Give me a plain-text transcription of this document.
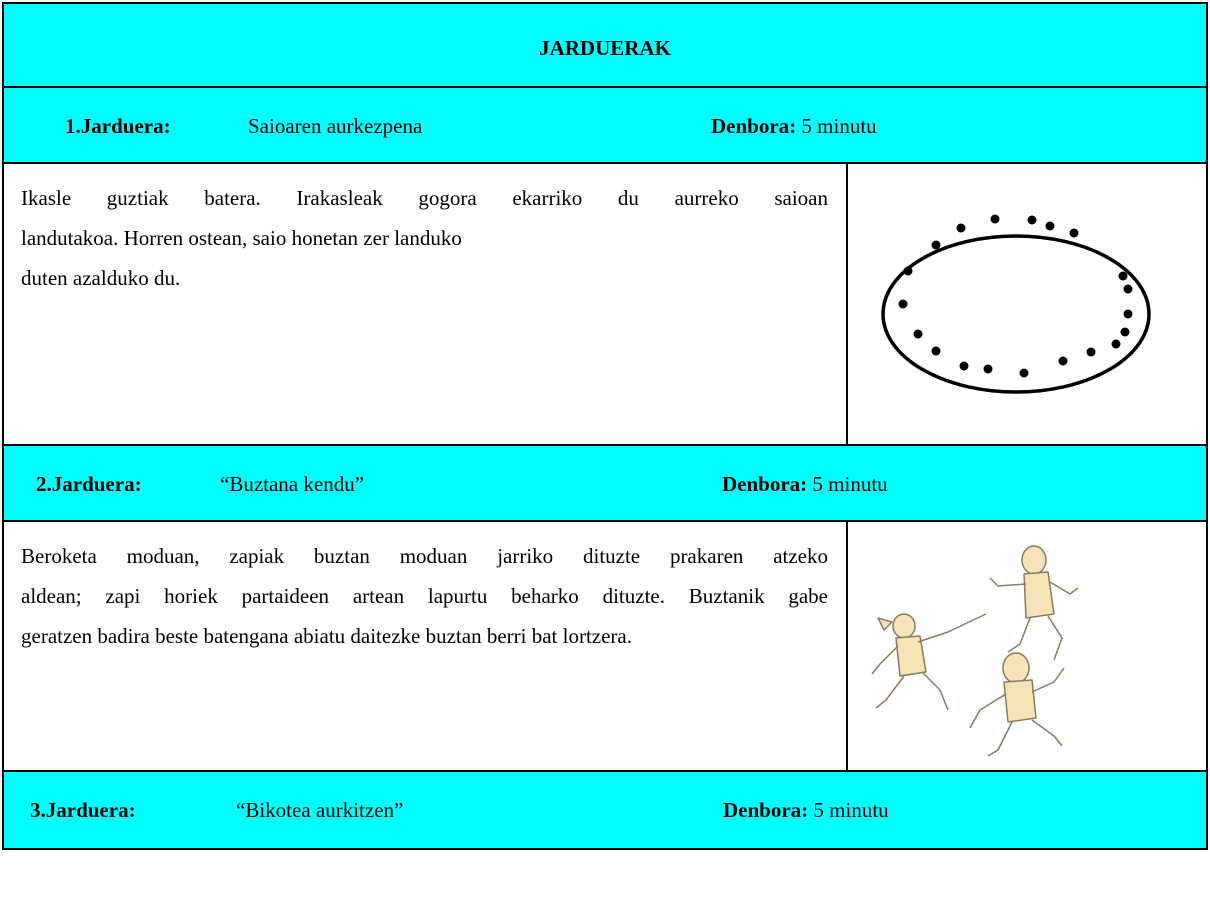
JARDUERAK
1.Jarduera:	Saioaren aurkezpena	Denbora: 5 minutu
Ikasle guztiak batera. Irakasleak gogora ekarriko du aurreko saioan
landutakoa. Horren ostean, saio honetan zer landuko
duten azalduko du.
2.Jarduera:	“Buztana kendu”	Denbora: 5 minutu
Beroketa moduan, zapiak buztan moduan jarriko dituzte prakaren atzeko
aldean; zapi horiek partaideen artean lapurtu beharko dituzte. Buztanik gabe
geratzen badira beste batengana abiatu daitezke buztan berri bat lortzera.
3.Jarduera:	“Bikotea aurkitzen”	Denbora: 5 minutu
